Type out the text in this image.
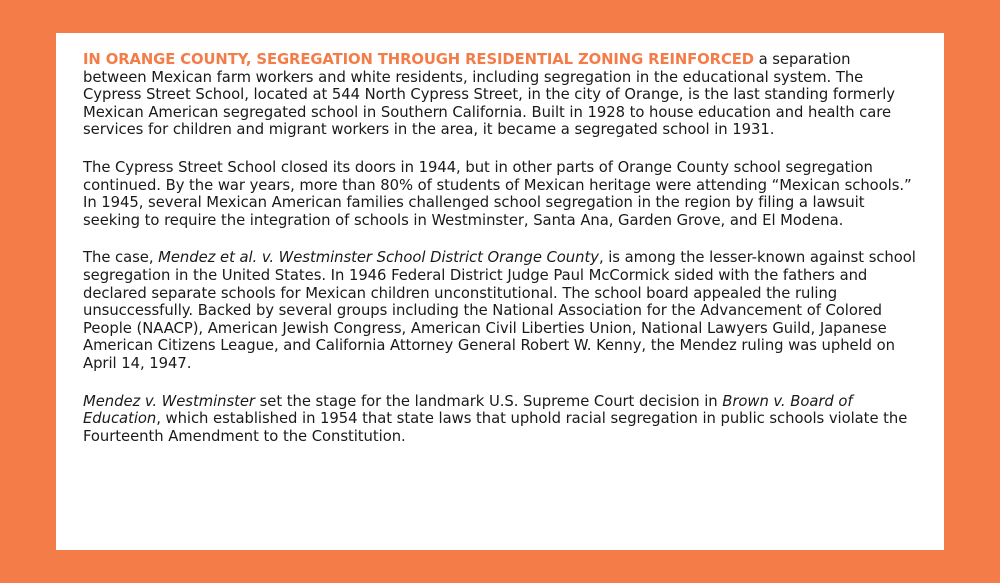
IN ORANGE COUNTY, SEGREGATION THROUGH RESIDENTIAL ZONING REINFORCED a separation between Mexican farm workers and white residents, including segregation in the educational system. The Cypress Street School, located at 544 North Cypress Street, in the city of Orange, is the last standing formerly Mexican American segregated school in Southern California. Built in 1928 to house education and health care services for children and migrant workers in the area, it became a segregated school in 1931.

The Cypress Street School closed its doors in 1944, but in other parts of Orange County school segregation continued. By the war years, more than 80% of students of Mexican heritage were attending “Mexican schools.” In 1945, several Mexican American families challenged school segregation in the region by filing a lawsuit seeking to require the integration of schools in Westminster, Santa Ana, Garden Grove, and El Modena.

The case, Mendez et al. v. Westminster School District Orange County, is among the lesser-known against school segregation in the United States. In 1946 Federal District Judge Paul McCormick sided with the fathers and declared separate schools for Mexican children unconstitutional. The school board appealed the ruling unsuccessfully. Backed by several groups including the National Association for the Advancement of Colored People (NAACP), American Jewish Congress, American Civil Liberties Union, National Lawyers Guild, Japanese American Citizens League, and California Attorney General Robert W. Kenny, the Mendez ruling was upheld on April 14, 1947.

Mendez v. Westminster set the stage for the landmark U.S. Supreme Court decision in Brown v. Board of Education, which established in 1954 that state laws that uphold racial segregation in public schools violate the Fourteenth Amendment to the Constitution.
